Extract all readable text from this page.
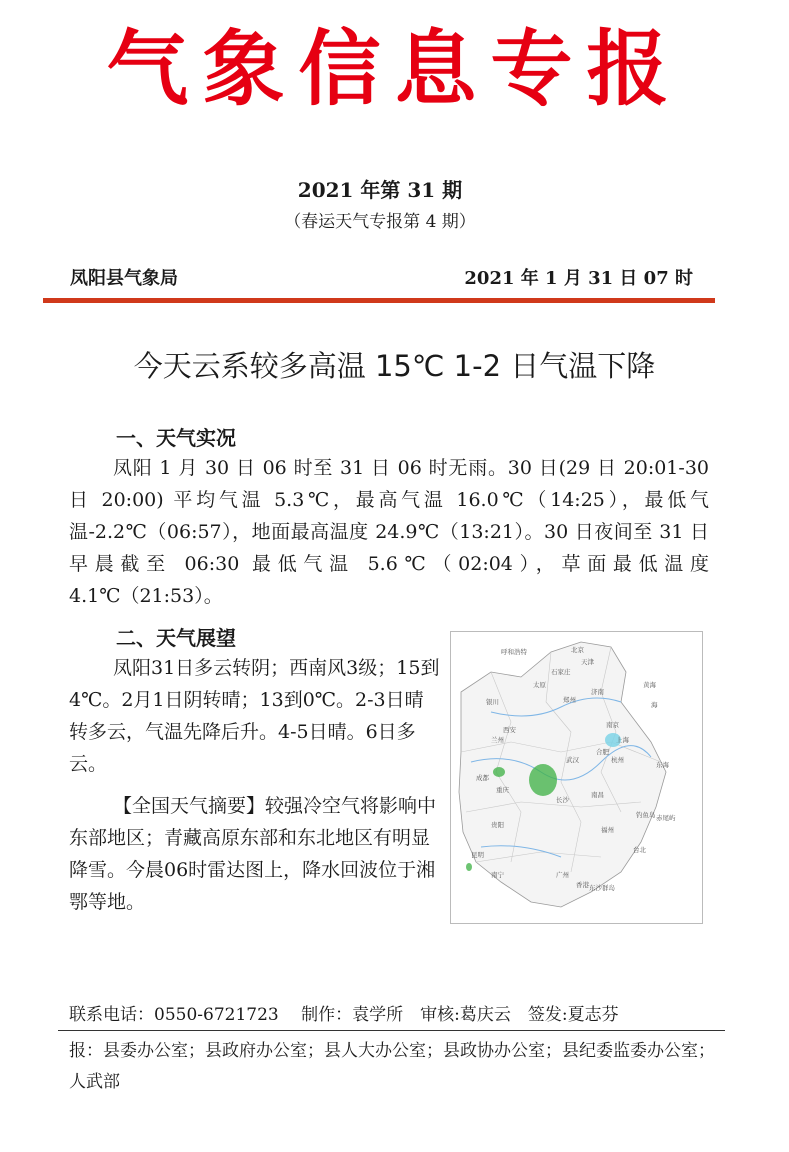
气象信息专报
2021 年第 31 期
（春运天气专报第 4 期）
凤阳县气象局	2021 年 1 月 31 日 07 时
今天云系较多高温 15℃ 1-2 日气温下降
一、天气实况
凤阳 1 月 30 日 06 时至 31 日 06 时无雨。30 日(29 日 20:01-30 日 20:00) 平均气温 5.3℃，最高气温 16.0℃（14:25），最低气温-2.2℃（06:57），地面最高温度 24.9℃（13:21）。30 日夜间至 31 日早晨截至 06:30 最低气温 5.6℃（02:04），草面最低温度 4.1℃（21:53）。
二、天气展望
凤阳31日多云转阴；西南风3级；15到4℃。2月1日阴转晴；13到0℃。2-3日晴转多云，气温先降后升。4-5日晴。6日多云。
【全国天气摘要】较强冷空气将影响中东部地区；青藏高原东部和东北地区有明显降雪。今晨06时雷达图上，降水回波位于湘鄂等地。
呼和浩特	北京
天津
石家庄
太原
济南
银川
兰州
郑州
西安
南京
上海
合肥
杭州
武汉
成都
重庆
长沙
南昌
贵阳
福州
台北
昆明
南宁	广州
香港
钓鱼岛 赤尾屿
东沙群岛
黄海
东海
海
联系电话：0550-6721723　 制作：袁学所　审核:葛庆云　签发:夏志芬
报：县委办公室；县政府办公室；县人大办公室；县政协办公室；县纪委监委办公室；人武部
